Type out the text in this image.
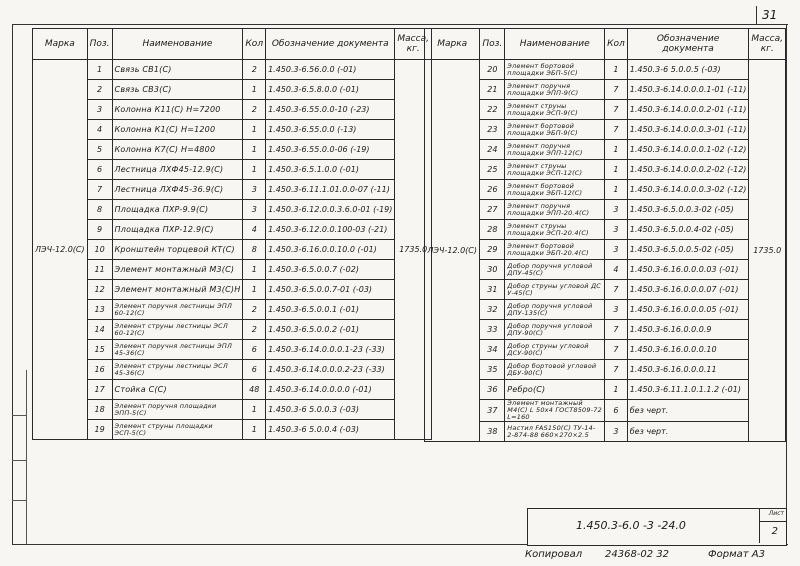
31
Марка	Поз.	Наименование	Кол	Обозначение документа	Масса, кг.
ЛЭЧ-12.0(С)	1	Связь СВ1(С)	2	1.450.3-6.56.0.0 (-01)	1735.0
	2	Связь СВ3(С)	1	1.450.3-6.5.8.0.0 (-01)	
	3	Колонна К11(С) Н=7200	2	1.450.3-6.55.0.0-10 (-23)	
	4	Колонна К1(С) Н=1200	1	1.450.3-6.55.0.0 (-13)	
	5	Колонна К7(С) Н=4800	1	1.450.3-6.55.0.0-06 (-19)	
	6	Лестница ЛХФ45-12.9(С)	1	1.450.3-6.5.1.0.0 (-01)	
	7	Лестница ЛХФ45-36.9(С)	3	1.450.3-6.11.1.01.0.0-07 (-11)	
	8	Площадка ПХР-9.9(С)	3	1.450.3-6.12.0.0.3.6.0-01 (-19)	
	9	Площадка ПХР-12.9(С)	4	1.450.3-6.12.0.0.100-03 (-21)	
	10	Кронштейн торцевой КТ(С)	8	1.450.3-6.16.0.0.10.0 (-01)	
	11	Элемент монтажный М3(С)	1	1.450.3-6.5.0.0.7 (-02)	
	12	Элемент монтажный М3(С)Н	1	1.450.3-6.5.0.0.7-01 (-03)	
	13	Элемент поручня лестницы ЭПЛ 60-12(С)	2	1.450.3-6.5.0.0.1 (-01)	
	14	Элемент струны лестницы ЭСЛ 60-12(С)	2	1.450.3-6.5.0.0.2 (-01)	
	15	Элемент поручня лестницы ЭПЛ 45-36(С)	6	1.450.3-6.14.0.0.0.1-23 (-33)	
	16	Элемент струны лестницы ЭСЛ 45-36(С)	6	1.450.3-6.14.0.0.0.2-23 (-33)	
	17	Стойка С(С)	48	1.450.3-6.14.0.0.0.0 (-01)	
	18	Элемент поручня площадки ЭПП-5(С)	1	1.450.3-6 5.0.0.3 (-03)	
	19	Элемент струны площадки ЭСП-5(С)	1	1.450.3-6 5.0.0.4 (-03)	
Марка	Поз.	Наименование	Кол	Обозначение документа	Масса, кг.
ЛЭЧ-12.0(С)	20	Элемент бортовой площадки ЭБП-5(С)	1	1.450.3-6 5.0.0.5 (-03)	1735.0
	21	Элемент поручня площадки ЭПП-9(С)	7	1.450.3-6.14.0.0.0.1-01 (-11)	
	22	Элемент струны площадки ЭСП-9(С)	7	1.450.3-6.14.0.0.0.2-01 (-11)	
	23	Элемент бортовой площадки ЭБП-9(С)	7	1.450.3-6.14.0.0.0.3-01 (-11)	
	24	Элемент поручня площадки ЭПП-12(С)	1	1.450.3-6.14.0.0.0.1-02 (-12)	
	25	Элемент струны площадки ЭСП-12(С)	1	1.450.3-6.14.0.0.0.2-02 (-12)	
	26	Элемент бортовой площадки ЭБП-12(С)	1	1.450.3-6.14.0.0.0.3-02 (-12)	
	27	Элемент поручня площадки ЭПП-20.4(С)	3	1.450.3-6.5.0.0.3-02 (-05)	
	28	Элемент струны площадки ЭСП-20.4(С)	3	1.450.3-6.5.0.0.4-02 (-05)	
	29	Элемент бортовой площадки ЭБП-20.4(С)	3	1.450.3-6.5.0.0.5-02 (-05)	
	30	Добор поручня угловой ДПУ-45(С)	4	1.450.3-6.16.0.0.0.03 (-01)	
	31	Добор струны угловой ДС У-45(С)	7	1.450.3-6.16.0.0.0.07 (-01)	
	32	Добор поручня угловой ДПУ-135(С)	3	1.450.3-6.16.0.0.0.05 (-01)	
	33	Добор поручня угловой ДПУ-90(С)	7	1.450.3-6.16.0.0.0.9	
	34	Добор струны угловой ДСУ-90(С)	7	1.450.3-6.16.0.0.0.10	
	35	Добор бортовой угловой ДБУ-90(С)	7	1.450.3-6.16.0.0.0.11	
	36	Ребро(С)	1	1.450.3-6.11.1.0.1.1.2 (-01)	
	37	Элемент монтажный М4(С) L 50х4 ГОСТ8509-72 L=160	6	без черт.	
	38	Настил FAS150(С) ТУ-14-2-874-88 660×270×2.5	3	без черт.	
1.450.3-6.0 -3 -24.0
Лист
2
Копировал 24368-02 32	Формат А3
